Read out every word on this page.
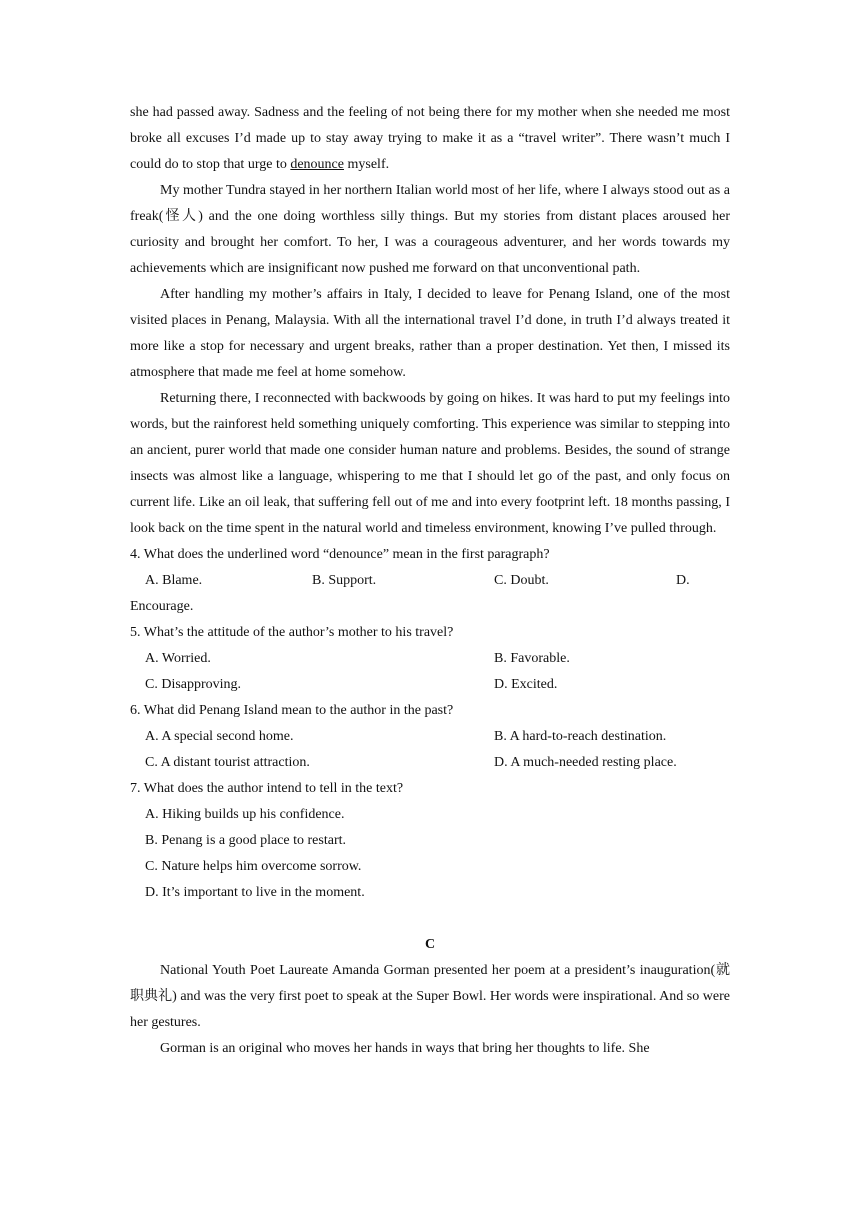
she had passed away. Sadness and the feeling of not being there for my mother when she needed me most broke all excuses I’d made up to stay away trying to make it as a “travel writer”. There wasn’t much I could do to stop that urge to denounce myself.

My mother Tundra stayed in her northern Italian world most of her life, where I always stood out as a freak(怪人) and the one doing worthless silly things. But my stories from distant places aroused her curiosity and brought her comfort. To her, I was a courageous adventurer, and her words towards my achievements which are insignificant now pushed me forward on that unconventional path.

After handling my mother’s affairs in Italy, I decided to leave for Penang Island, one of the most visited places in Penang, Malaysia. With all the international travel I’d done, in truth I’d always treated it more like a stop for necessary and urgent breaks, rather than a proper destination. Yet then, I missed its atmosphere that made me feel at home somehow.

Returning there, I reconnected with backwoods by going on hikes. It was hard to put my feelings into words, but the rainforest held something uniquely comforting. This experience was similar to stepping into an ancient, purer world that made one consider human nature and problems. Besides, the sound of strange insects was almost like a language, whispering to me that I should let go of the past, and only focus on current life. Like an oil leak, that suffering fell out of me and into every footprint left. 18 months passing, I look back on the time spent in the natural world and timeless environment, knowing I’ve pulled through.

4. What does the underlined word “denounce” mean in the first paragraph?
A. Blame.	B. Support.	C. Doubt.	D.
Encourage.
5. What’s the attitude of the author’s mother to his travel?
A. Worried.	B. Favorable.
C. Disapproving.	D. Excited.
6. What did Penang Island mean to the author in the past?
A. A special second home.	B. A hard-to-reach destination.
C. A distant tourist attraction.	D. A much-needed resting place.
7. What does the author intend to tell in the text?
A. Hiking builds up his confidence.
B. Penang is a good place to restart.
C. Nature helps him overcome sorrow.
D. It’s important to live in the moment.
C

National Youth Poet Laureate Amanda Gorman presented her poem at a president’s inauguration(就职典礼) and was the very first poet to speak at the Super Bowl. Her words were inspirational. And so were her gestures.

Gorman is an original who moves her hands in ways that bring her thoughts to life. She
